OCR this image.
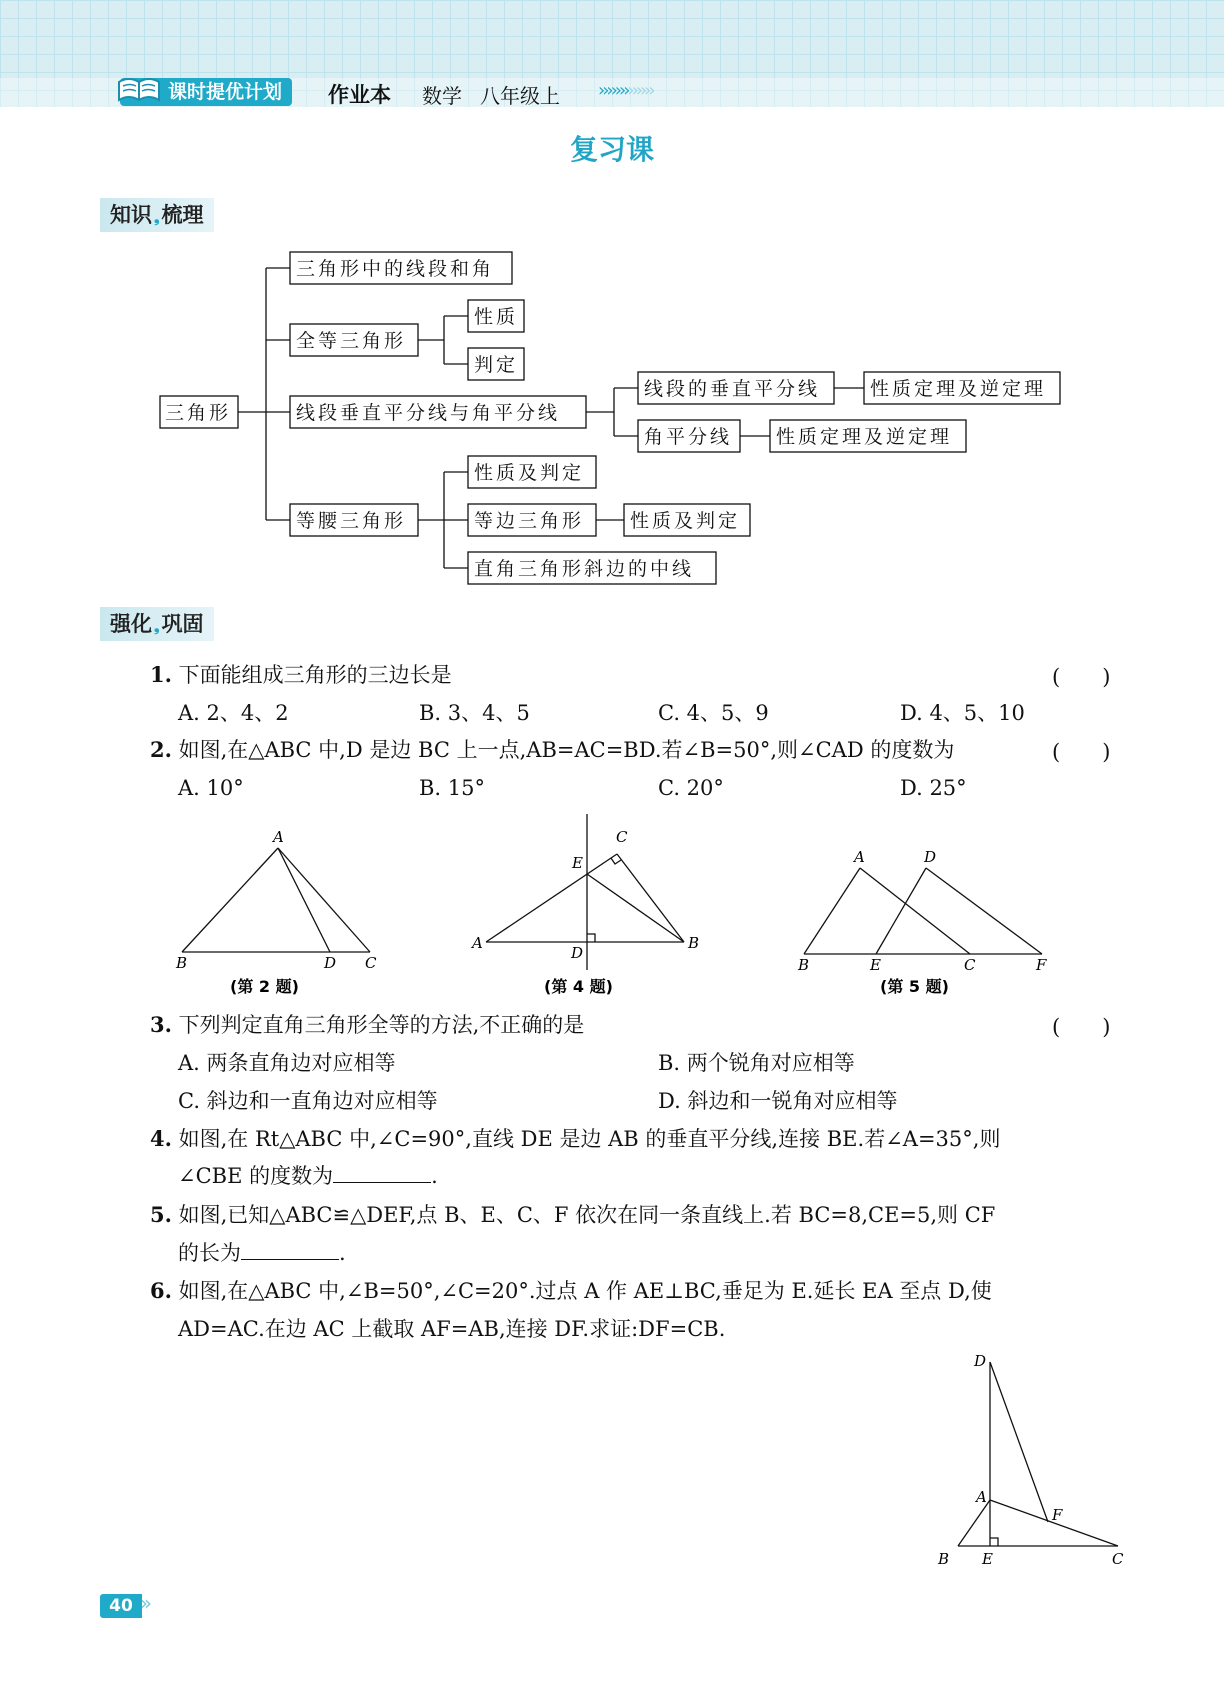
课时提优计划	作业本 数学 八年级上 ›››››››››››››
复习课
知识 ❟梳理
三角形
三角形中的线段和角
全等三角形
性质
判定
线段垂直平分线与角平分线
线段的垂直平分线	性质定理及逆定理
角平分线 性质定理及逆定理
等腰三角形
性质及判定
等边三角形 性质及判定
直角三角形斜边的中线
强化 ❟巩固
1. 下面能组成三角形的三边长是	(　　)
A. 2、4、2	B. 3、4、5	C. 4、5、9	D. 4、5、10
2. 如图,在△ABC 中,D 是边 BC 上一点,AB=AC=BD.若∠B=50°,则∠CAD 的度数为	(　　)
A. 10°	B. 15°	C. 20°	D. 25°
A
B	D C
(第 2 题)
C
E
A	B
D
(第 4 题)
A	D
B	E	C	F
(第 5 题)
3. 下列判定直角三角形全等的方法,不正确的是	(　　)
A. 两条直角边对应相等	B. 两个锐角对应相等
C. 斜边和一直角边对应相等	D. 斜边和一锐角对应相等
4. 如图,在 Rt△ABC 中,∠C=90°,直线 DE 是边 AB 的垂直平分线,连接 BE.若∠A=35°,则
∠CBE 的度数为	.
5. 如图,已知△ABC≌△DEF,点 B、E、C、F 依次在同一条直线上.若 BC=8,CE=5,则 CF
的长为	.
6. 如图,在△ABC 中,∠B=50°,∠C=20°.过点 A 作 AE⊥BC,垂足为 E.延长 EA 至点 D,使
AD=AC.在边 AC 上截取 AF=AB,连接 DF.求证:DF=CB.
D
A
F
B E	C
40 ››
